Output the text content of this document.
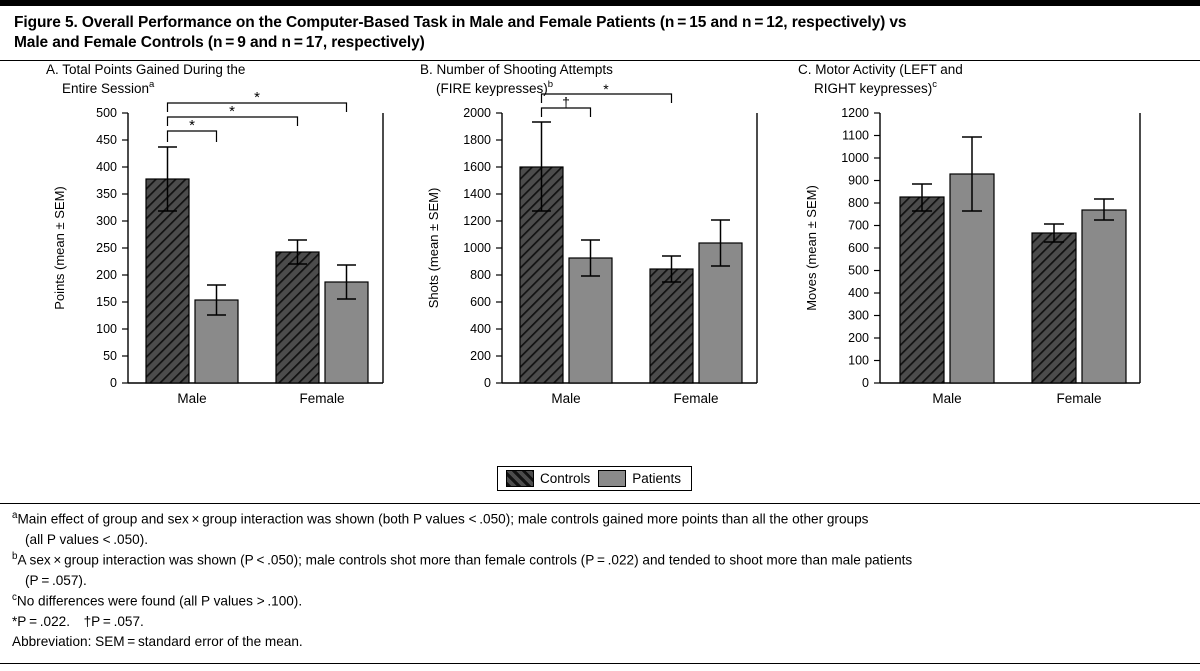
Figure 5. Overall Performance on the Computer-Based Task in Male and Female Patients (n = 15 and n = 12, respectively) vs
Male and Female Controls (n = 9 and n = 17, respectively)
A. Total Points Gained During the
Entire Session$^a$
0
50
100
150
200
250
300
350
400
450
500
Points (mean ± SEM)
*
*
*
Male	Female
B. Number of Shooting Attempts
(FIRE keypresses)$^b$
0
200
400
600
800
1000
1200
1400
1600
1800
2000
Shots (mean ± SEM)
†
*
Male	Female
C. Motor Activity (LEFT and
RIGHT keypresses)$^c$
0
100
200
300
400
500
600
700
800
900
1000
1100
1200
Moves (mean ± SEM)
Male	Female
Controls	Patients

$^a$Main effect of group and sex × group interaction was shown (both P values < .050); male controls gained more points than all the other groups

(all P values < .050).

$^b$A sex × group interaction was shown (P < .050); male controls shot more than female controls (P = .022) and tended to shoot more than male patients

(P = .057).

$^c$No differences were found (all P values > .100).

*P = .022. †P = .057.

Abbreviation: SEM = standard error of the mean.
